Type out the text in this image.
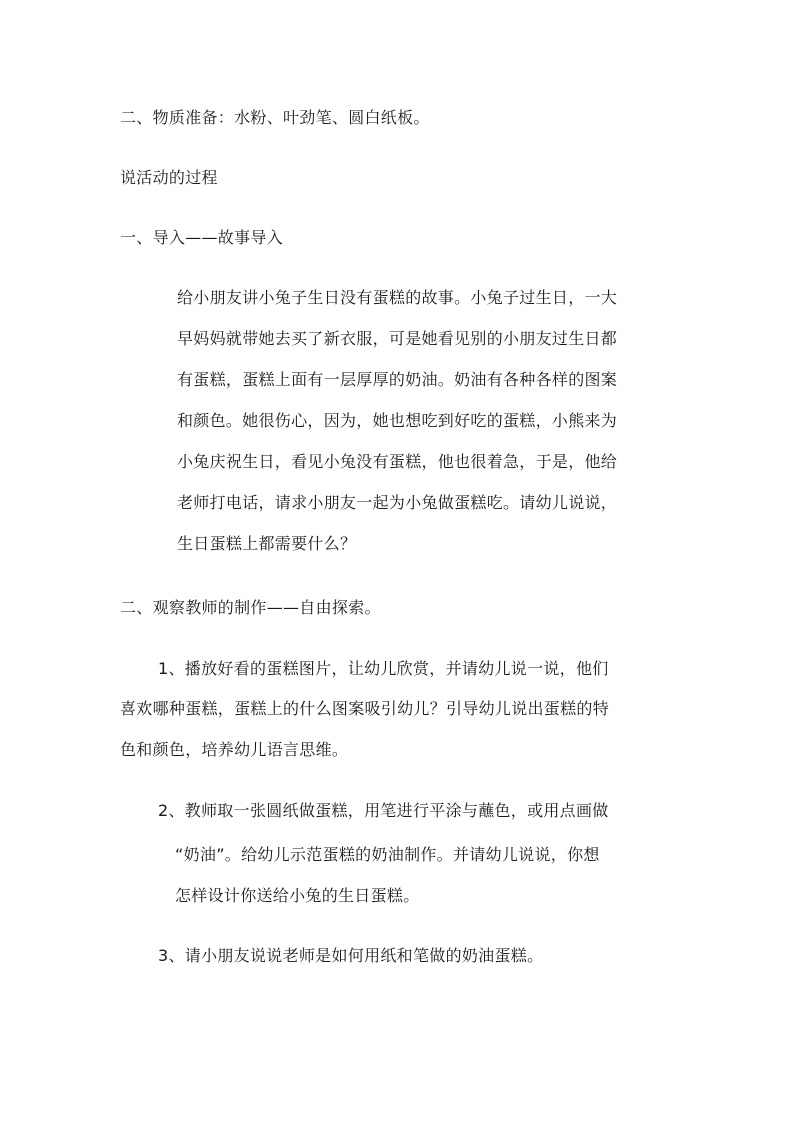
二、物质准备：水粉、叶劲笔、圆白纸板。
说活动的过程
一、导入——故事导入
给小朋友讲小兔子生日没有蛋糕的故事。小兔子过生日，一大
早妈妈就带她去买了新衣服，可是她看见别的小朋友过生日都
有蛋糕，蛋糕上面有一层厚厚的奶油。奶油有各种各样的图案
和颜色。她很伤心，因为，她也想吃到好吃的蛋糕，小熊来为
小兔庆祝生日，看见小兔没有蛋糕，他也很着急，于是，他给
老师打电话，请求小朋友一起为小兔做蛋糕吃。请幼儿说说，
生日蛋糕上都需要什么？
二、观察教师的制作——自由探索。
1、播放好看的蛋糕图片，让幼儿欣赏，并请幼儿说一说，他们
喜欢哪种蛋糕，蛋糕上的什么图案吸引幼儿？引导幼儿说出蛋糕的特
色和颜色，培养幼儿语言思维。
2、教师取一张圆纸做蛋糕，用笔进行平涂与蘸色，或用点画做
“奶油”。给幼儿示范蛋糕的奶油制作。并请幼儿说说，你想
怎样设计你送给小兔的生日蛋糕。
3、请小朋友说说老师是如何用纸和笔做的奶油蛋糕。
